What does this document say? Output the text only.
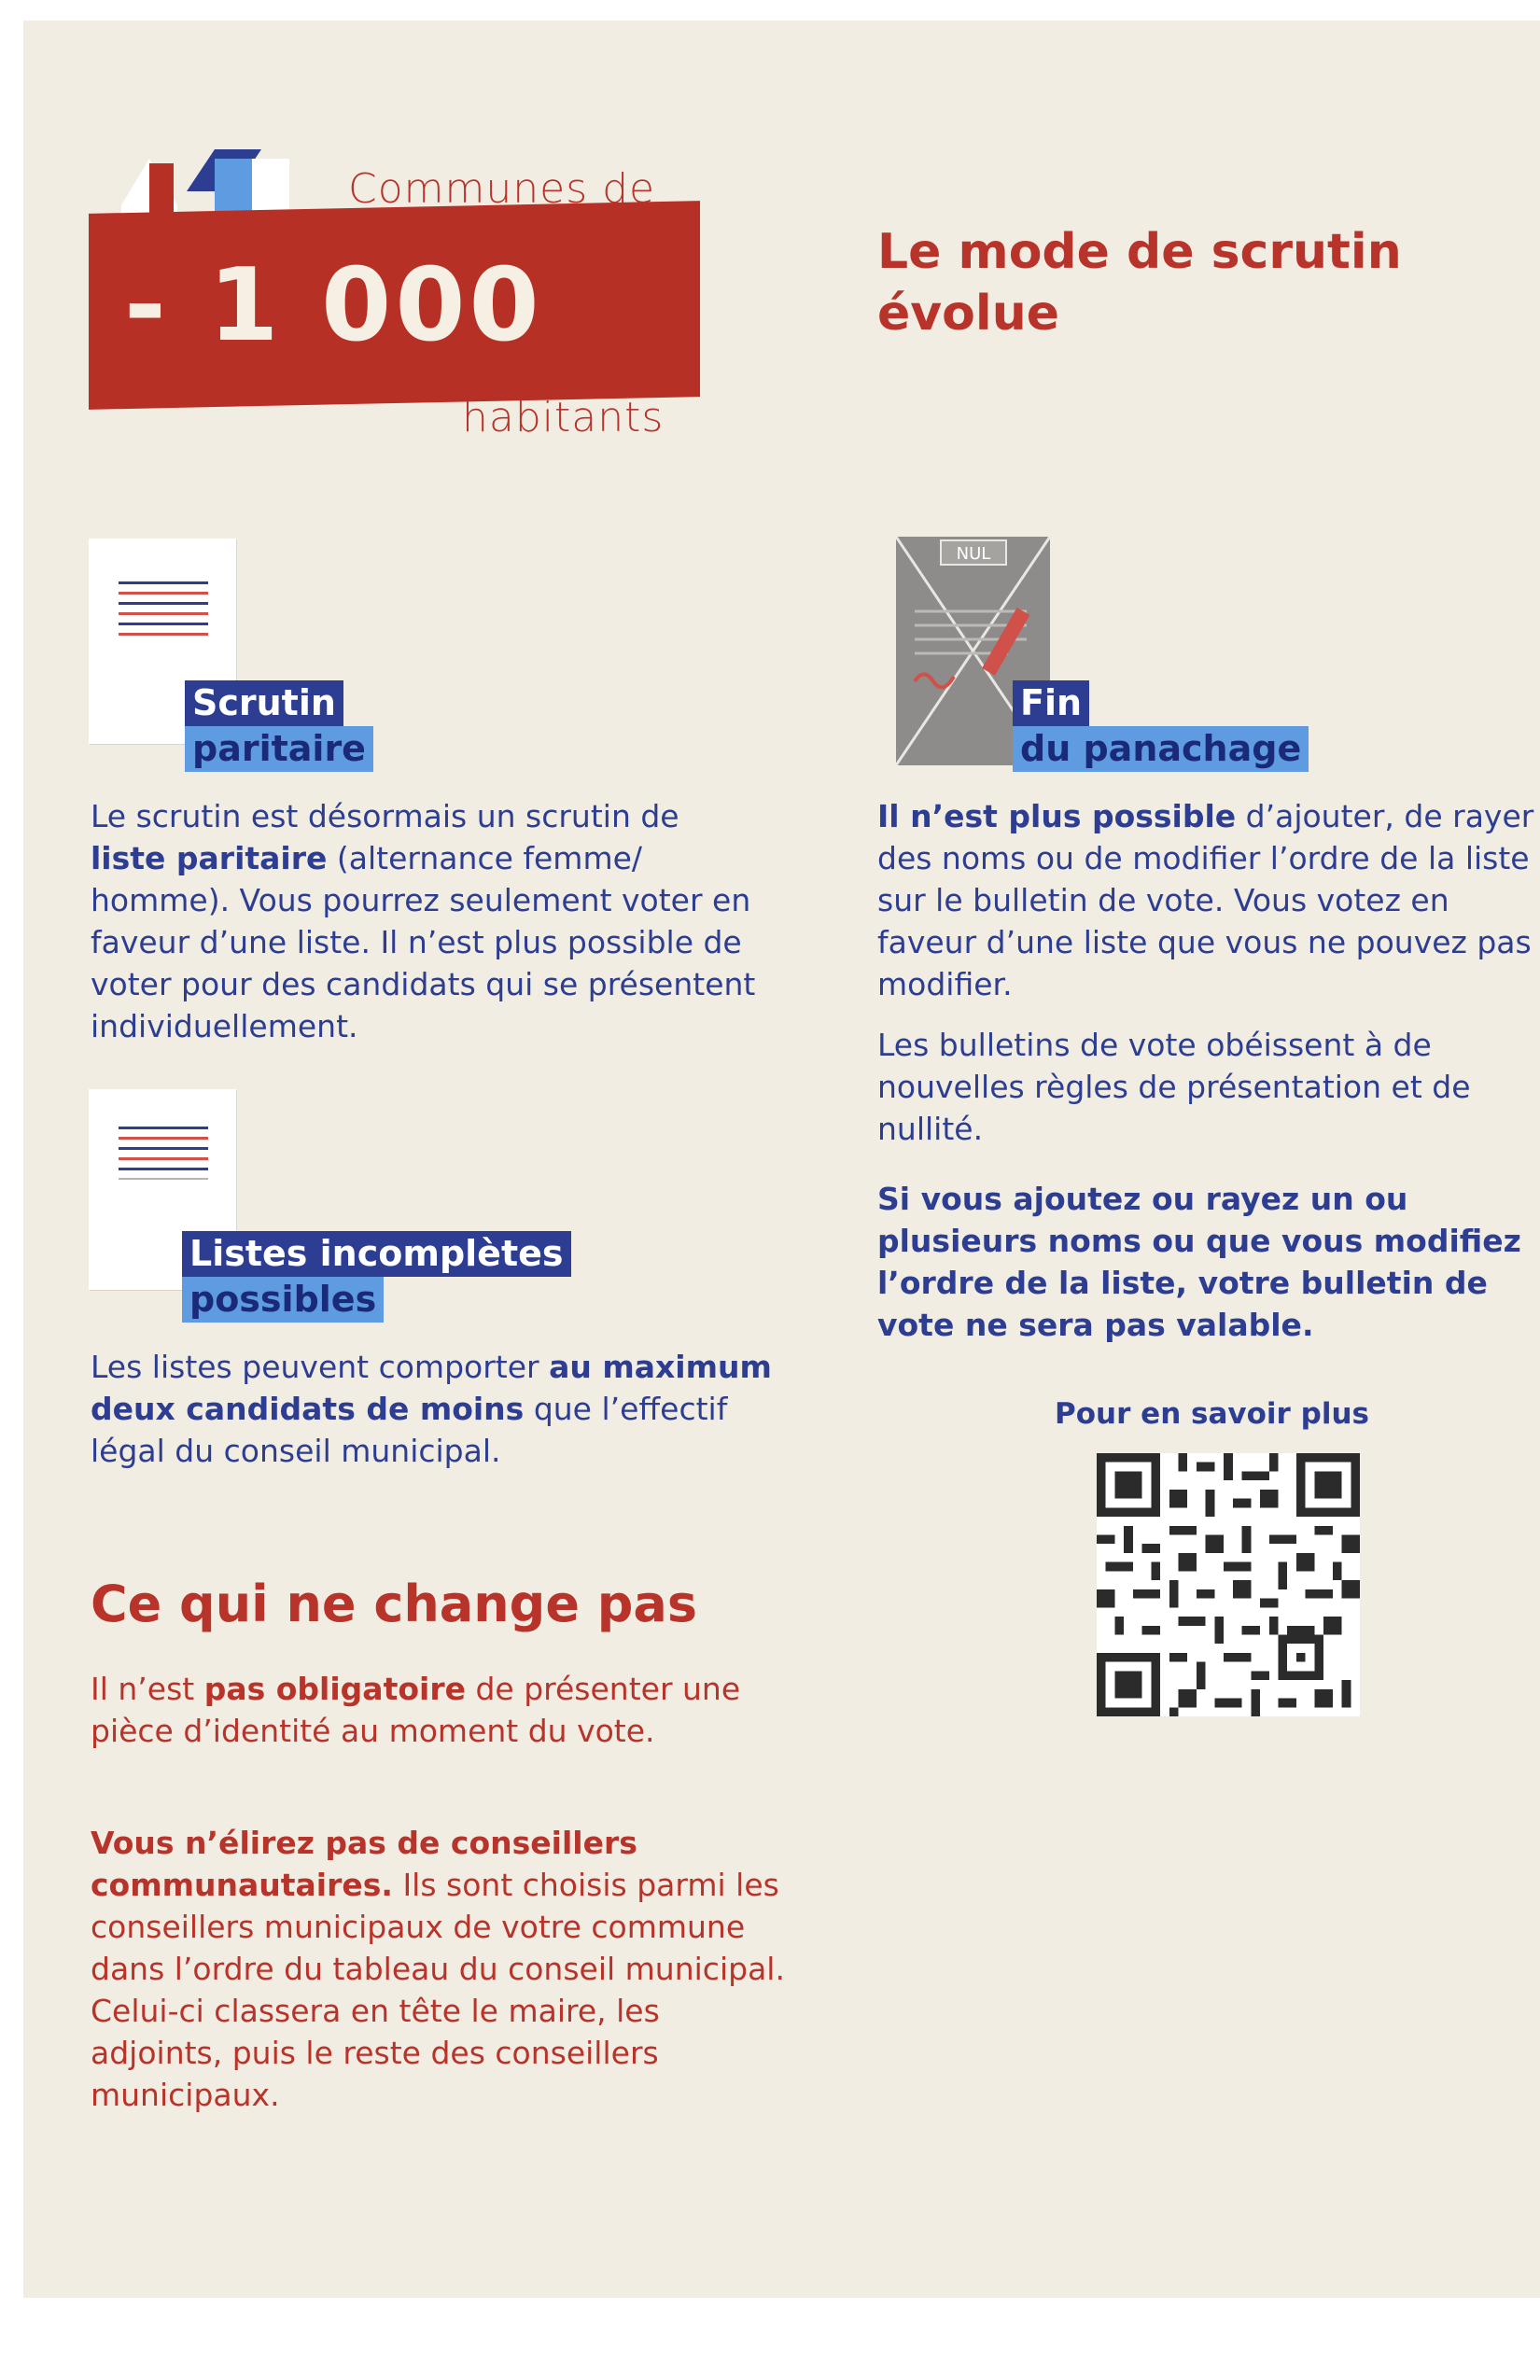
Communes de
- 1 000
habitants
Le mode de scrutin évolue
Scrutin
paritaire
Le scrutin est désormais un scrutin de liste paritaire (alternance femme/ homme). Vous pourrez seulement voter en faveur d’une liste. Il n’est plus possible de voter pour des candidats qui se présentent individuellement.
Listes incomplètes
possibles
Les listes peuvent comporter au maximum deux candidats de moins que l’effectif légal du conseil municipal.
Ce qui ne change pas
Il n’est pas obligatoire de présenter une pièce d’identité au moment du vote.
Vous n’élirez pas de conseillers communautaires. Ils sont choisis parmi les conseillers municipaux de votre commune dans l’ordre du tableau du conseil municipal. Celui-ci classera en tête le maire, les adjoints, puis le reste des conseillers municipaux.
NUL
Fin
du panachage
Il n’est plus possible d’ajouter, de rayer des noms ou de modifier l’ordre de la liste sur le bulletin de vote. Vous votez en faveur d’une liste que vous ne pouvez pas modifier.
Les bulletins de vote obéissent à de nouvelles règles de présentation et de nullité.
Si vous ajoutez ou rayez un ou plusieurs noms ou que vous modifiez l’ordre de la liste, votre bulletin de vote ne sera pas valable.
Pour en savoir plus
